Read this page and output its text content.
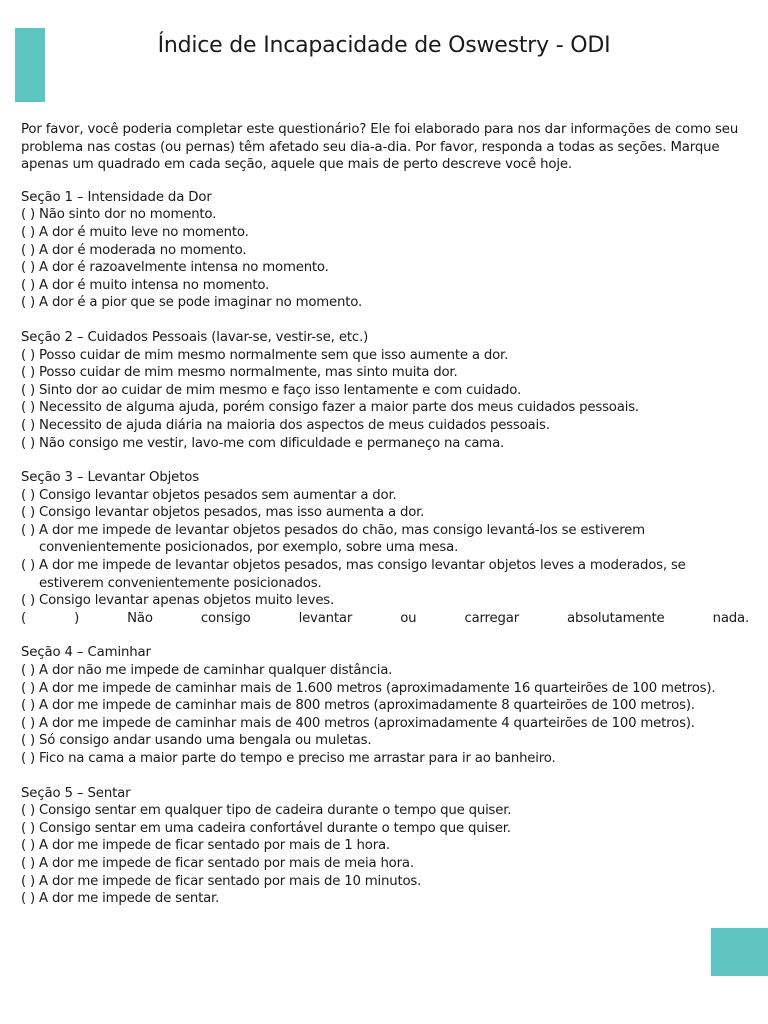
Índice de Incapacidade de Oswestry - ODI

Por favor, você poderia completar este questionário? Ele foi elaborado para nos dar informações de como seu problema nas costas (ou pernas) têm afetado seu dia-a-dia. Por favor, responda a todas as seções. Marque apenas um quadrado em cada seção, aquele que mais de perto descreve você hoje.

Seção 1 – Intensidade da Dor

( ) Não sinto dor no momento.

( ) A dor é muito leve no momento.

( ) A dor é moderada no momento.

( ) A dor é razoavelmente intensa no momento.

( ) A dor é muito intensa no momento.

( ) A dor é a pior que se pode imaginar no momento.

Seção 2 – Cuidados Pessoais (lavar-se, vestir-se, etc.)

( ) Posso cuidar de mim mesmo normalmente sem que isso aumente a dor.

( ) Posso cuidar de mim mesmo normalmente, mas sinto muita dor.

( ) Sinto dor ao cuidar de mim mesmo e faço isso lentamente e com cuidado.

( ) Necessito de alguma ajuda, porém consigo fazer a maior parte dos meus cuidados pessoais.

( ) Necessito de ajuda diária na maioria dos aspectos de meus cuidados pessoais.

( ) Não consigo me vestir, lavo-me com dificuldade e permaneço na cama.

Seção 3 – Levantar Objetos

( ) Consigo levantar objetos pesados sem aumentar a dor.

( ) Consigo levantar objetos pesados, mas isso aumenta a dor.

( ) A dor me impede de levantar objetos pesados do chão, mas consigo levantá-los se estiverem convenientemente posicionados, por exemplo, sobre uma mesa.

( ) A dor me impede de levantar objetos pesados, mas consigo levantar objetos leves a moderados, se estiverem convenientemente posicionados.

( ) Consigo levantar apenas objetos muito leves.

( ) Não consigo levantar ou carregar absolutamente nada.

Seção 4 – Caminhar

( ) A dor não me impede de caminhar qualquer distância.

( ) A dor me impede de caminhar mais de 1.600 metros (aproximadamente 16 quarteirões de 100 metros).

( ) A dor me impede de caminhar mais de 800 metros (aproximadamente 8 quarteirões de 100 metros).

( ) A dor me impede de caminhar mais de 400 metros (aproximadamente 4 quarteirões de 100 metros).

( ) Só consigo andar usando uma bengala ou muletas.

( ) Fico na cama a maior parte do tempo e preciso me arrastar para ir ao banheiro.

Seção 5 – Sentar

( ) Consigo sentar em qualquer tipo de cadeira durante o tempo que quiser.

( ) Consigo sentar em uma cadeira confortável durante o tempo que quiser.

( ) A dor me impede de ficar sentado por mais de 1 hora.

( ) A dor me impede de ficar sentado por mais de meia hora.

( ) A dor me impede de ficar sentado por mais de 10 minutos.

( ) A dor me impede de sentar.
